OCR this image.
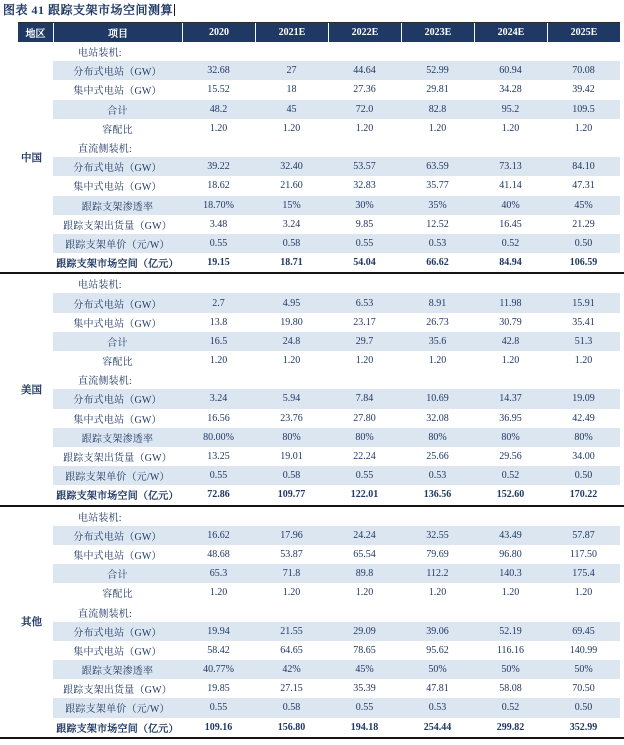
图表 41 跟踪支架市场空间测算
地区	项目	2020	2021E	2022E	2023E	2024E	2025E
中国
电站装机:
分布式电站（GW）	32.68	27	44.64	52.99	60.94	70.08
集中式电站（GW）	15.52	18	27.36	29.81	34.28	39.42
合计	48.2	45	72.0	82.8	95.2	109.5
容配比	1.20	1.20	1.20	1.20	1.20	1.20
直流侧装机:
分布式电站（GW）	39.22	32.40	53.57	63.59	73.13	84.10
集中式电站（GW）	18.62	21.60	32.83	35.77	41.14	47.31
跟踪支架渗透率	18.70%	15%	30%	35%	40%	45%
跟踪支架出货量（GW）	3.48	3.24	9.85	12.52	16.45	21.29
跟踪支架单价（元/W）	0.55	0.58	0.55	0.53	0.52	0.50
跟踪支架市场空间（亿元）	19.15	18.71	54.04	66.62	84.94	106.59
美国
电站装机:
分布式电站（GW）	2.7	4.95	6.53	8.91	11.98	15.91
集中式电站（GW）	13.8	19.80	23.17	26.73	30.79	35.41
合计	16.5	24.8	29.7	35.6	42.8	51.3
容配比	1.20	1.20	1.20	1.20	1.20	1.20
直流侧装机:
分布式电站（GW）	3.24	5.94	7.84	10.69	14.37	19.09
集中式电站（GW）	16.56	23.76	27.80	32.08	36.95	42.49
跟踪支架渗透率	80.00%	80%	80%	80%	80%	80%
跟踪支架出货量（GW）	13.25	19.01	22.24	25.66	29.56	34.00
跟踪支架单价（元/W）	0.55	0.58	0.55	0.53	0.52	0.50
跟踪支架市场空间（亿元）	72.86	109.77	122.01	136.56	152.60	170.22
其他
电站装机:
分布式电站（GW）	16.62	17.96	24.24	32.55	43.49	57.87
集中式电站（GW）	48.68	53.87	65.54	79.69	96.80	117.50
合计	65.3	71.8	89.8	112.2	140.3	175.4
容配比	1.20	1.20	1.20	1.20	1.20	1.20
直流侧装机:
分布式电站（GW）	19.94	21.55	29.09	39.06	52.19	69.45
集中式电站（GW）	58.42	64.65	78.65	95.62	116.16	140.99
跟踪支架渗透率	40.77%	42%	45%	50%	50%	50%
跟踪支架出货量（GW）	19.85	27.15	35.39	47.81	58.08	70.50
跟踪支架单价（元/W）	0.55	0.58	0.55	0.53	0.52	0.50
跟踪支架市场空间（亿元）	109.16	156.80	194.18	254.44	299.82	352.99
